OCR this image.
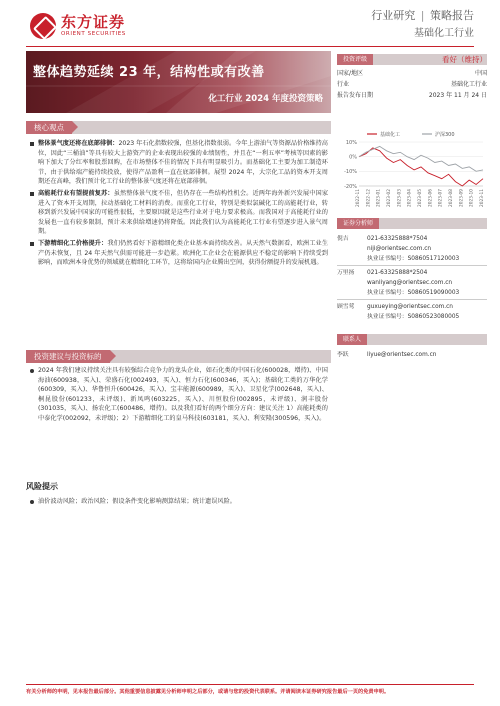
东方证券
ORIENT SECURITIES
行业研究 | 策略报告
基础化工行业
整体趋势延续 23 年，结构性或有改善
化工行业 2024 年度投资策略
核心观点
整体景气度还将在底部徘徊：2023 年石化指数较强，但基化指数很弱。今年上游油气等资源品价格维持高位，因此“三桶油”等具有较大上游资产的企业表现出较强的业绩韧性，并且在“一利五率”考核等因素的影响下加大了分红率和股票回购，在市场整体不佳的情况下具有明显吸引力。而基础化工主要为加工制造环节，由于供给端产能持续投放，使得产品盈利一直在底部徘徊。展望 2024 年，大宗化工品的资本开支周期还在高峰，我们预计化工行业的整体景气度还将在底部徘徊。
高能耗行业有望提前复苏：虽然整体景气度不佳，但仍存在一些结构性机会。近两年海外新兴发展中国家进入了资本开支周期，拉动基础化工材料的消费。而重化工行业，特别是类似氯碱化工的高能耗行业，转移到新兴发展中国家的可能性很低，主要原因就是这些行业对于电力要求极高。而我国对于高能耗行业的发展也一直有较多限制，预计未来供给增速仍将降低。因此我们认为高能耗化工行业有望逐步进入景气周期。
下游精细化工价格提升：我们仍然看好下游精细化类企业基本面持续改善。从天然气数据看，欧洲工业生产仍未恢复，且 24 年天然气供需可能进一步趋紧。欧洲化工企业会在能源供应不稳定的影响下持续受到影响，而欧洲本身优势的领域就在精细化工环节，这将给国内企业腾出空间，获得份额提升的发展机遇。
投资建议与投资标的
2024 年我们建议持续关注具有较强综合竞争力的龙头企业，如石化类的中国石化(600028，增持)、中国海油(600938，买入)、荣盛石化(002493，买入)、恒力石化(600346，买入)；基础化工类的万华化学(600309，买入)、华鲁恒升(600426，买入)、宝丰能源(600989，买入)、卫星化学(002648，买入)、桐昆股份(601233，未评级)、新凤鸣(603225，买入)、川恒股份(002895，未评级)、润丰股份(301035，买入)、扬农化工(600486，增持)。以及我们看好的两个细分方向：建议关注 1）高能耗类的中泰化学(002092，未评级)；2）下游精细化工的皇马科技(603181，买入)、利安隆(300596，买入)。
风险提示
油价波动风险；政治风险；假设条件变化影响测算结果；统计遗误风险。
投资评级	看好（维持）
国家/地区	中国
行业	基础化工行业
报告发布日期	2023 年 11 月 24 日
基础化工	沪深300
10%
0%
-10%
-20%
2022-11 2022-12 2023-01 2023-02 2023-03 2023-04 2023-05 2023-06 2023-07 2023-08 2023-09 2023-10 2023-11
证券分析师
倪吉	021-63325888*7504
niji@orientsec.com.cn
执业证书编号：S0860517120003
万里扬	021-63325888*2504
wanliyang@orientsec.com.cn
执业证书编号：S0860519090003
顾雪莺	guxueying@orientsec.com.cn
执业证书编号：S0860523080005
联系人
李跃	liyue@orientsec.com.cn
有关分析师的申明，见本报告最后部分。其他重要信息披露见分析师申明之后部分，或请与您的投资代表联系。并请阅读本证券研究报告最后一页的免责申明。
